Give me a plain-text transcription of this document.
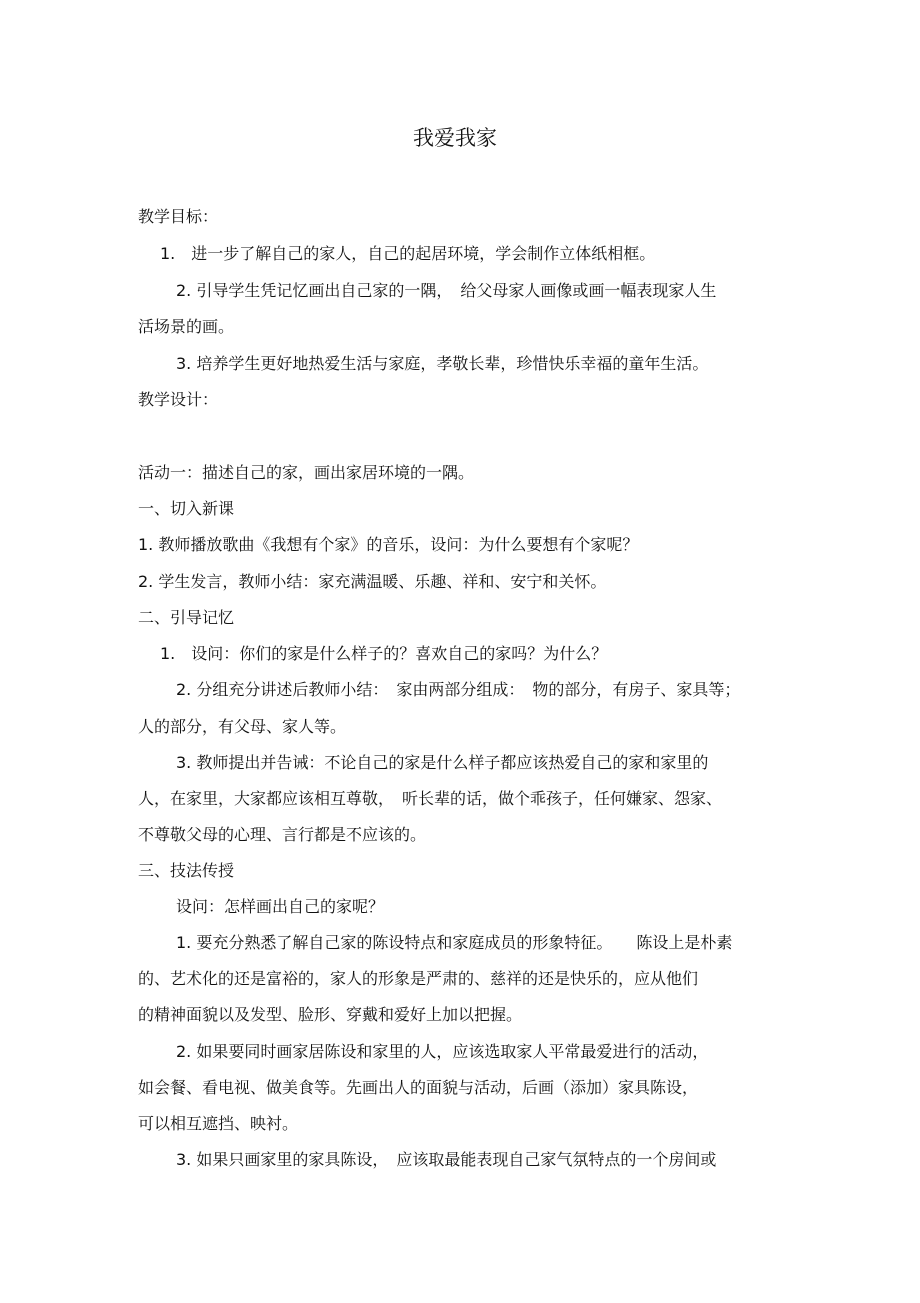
我爱我家
教学目标：
1.　进一步了解自己的家人，自己的起居环境，学会制作立体纸相框。
2. 引导学生凭记忆画出自己家的一隅，　给父母家人画像或画一幅表现家人生
活场景的画。
3. 培养学生更好地热爱生活与家庭，孝敬长辈，珍惜快乐幸福的童年生活。
教学设计：
活动一：描述自己的家，画出家居环境的一隅。
一、切入新课
1. 教师播放歌曲《我想有个家》的音乐，设问：为什么要想有个家呢？
2. 学生发言，教师小结：家充满温暖、乐趣、祥和、安宁和关怀。
二、引导记忆
1.　设问：你们的家是什么样子的？喜欢自己的家吗？为什么？
2. 分组充分讲述后教师小结：　家由两部分组成：　物的部分，有房子、家具等；
人的部分，有父母、家人等。
3. 教师提出并告诫：不论自己的家是什么样子都应该热爱自己的家和家里的
人，在家里，大家都应该相互尊敬，　听长辈的话，做个乖孩子，任何嫌家、怨家、
不尊敬父母的心理、言行都是不应该的。
三、技法传授
设问：怎样画出自己的家呢？
1. 要充分熟悉了解自己家的陈设特点和家庭成员的形象特征。　　陈设上是朴素
的、艺术化的还是富裕的，家人的形象是严肃的、慈祥的还是快乐的，应从他们
的精神面貌以及发型、脸形、穿戴和爱好上加以把握。
2. 如果要同时画家居陈设和家里的人，应该选取家人平常最爱进行的活动，
如会餐、看电视、做美食等。先画出人的面貌与活动，后画（添加）家具陈设，
可以相互遮挡、映衬。
3. 如果只画家里的家具陈设，　应该取最能表现自己家气氛特点的一个房间或
